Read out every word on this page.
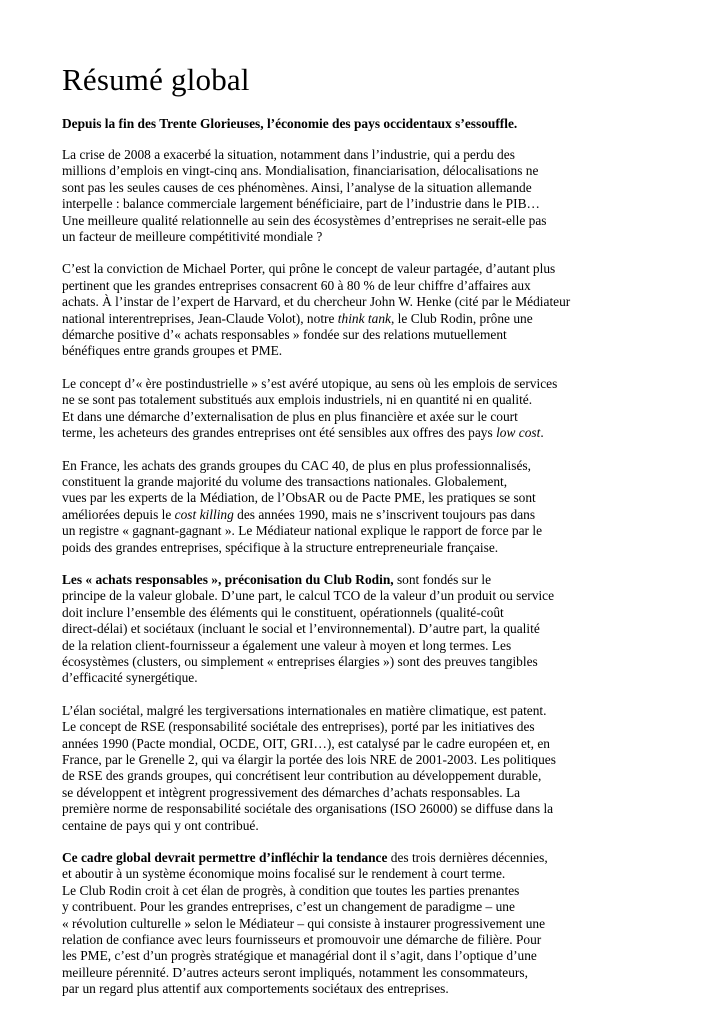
Résumé global

Depuis la fin des Trente Glorieuses, l’économie des pays occidentaux s’essouffle.

La crise de 2008 a exacerbé la situation, notamment dans l’industrie, qui a perdu des
millions d’emplois en vingt-cinq ans. Mondialisation, financiarisation, délocalisations ne
sont pas les seules causes de ces phénomènes. Ainsi, l’analyse de la situation allemande
interpelle : balance commerciale largement bénéficiaire, part de l’industrie dans le PIB…
Une meilleure qualité relationnelle au sein des écosystèmes d’entreprises ne serait-elle pas
un facteur de meilleure compétitivité mondiale ?

C’est la conviction de Michael Porter, qui prône le concept de valeur partagée, d’autant plus
pertinent que les grandes entreprises consacrent 60 à 80 % de leur chiffre d’affaires aux
achats. À l’instar de l’expert de Harvard, et du chercheur John W. Henke (cité par le Médiateur
national interentreprises, Jean-Claude Volot), notre think tank, le Club Rodin, prône une
démarche positive d’« achats responsables » fondée sur des relations mutuellement
bénéfiques entre grands groupes et PME.

Le concept d’« ère postindustrielle » s’est avéré utopique, au sens où les emplois de services
ne se sont pas totalement substitués aux emplois industriels, ni en quantité ni en qualité.
Et dans une démarche d’externalisation de plus en plus financière et axée sur le court
terme, les acheteurs des grandes entreprises ont été sensibles aux offres des pays low cost.

En France, les achats des grands groupes du CAC 40, de plus en plus professionnalisés,
constituent la grande majorité du volume des transactions nationales. Globalement,
vues par les experts de la Médiation, de l’ObsAR ou de Pacte PME, les pratiques se sont
améliorées depuis le cost killing des années 1990, mais ne s’inscrivent toujours pas dans
un registre « gagnant-gagnant ». Le Médiateur national explique le rapport de force par le
poids des grandes entreprises, spécifique à la structure entrepreneuriale française.

Les « achats responsables », préconisation du Club Rodin, sont fondés sur le
principe de la valeur globale. D’une part, le calcul TCO de la valeur d’un produit ou service
doit inclure l’ensemble des éléments qui le constituent, opérationnels (qualité-coût
direct-délai) et sociétaux (incluant le social et l’environnemental). D’autre part, la qualité
de la relation client-fournisseur a également une valeur à moyen et long termes. Les
écosystèmes (clusters, ou simplement « entreprises élargies ») sont des preuves tangibles
d’efficacité synergétique.

L’élan sociétal, malgré les tergiversations internationales en matière climatique, est patent.
Le concept de RSE (responsabilité sociétale des entreprises), porté par les initiatives des
années 1990 (Pacte mondial, OCDE, OIT, GRI…), est catalysé par le cadre européen et, en
France, par le Grenelle 2, qui va élargir la portée des lois NRE de 2001-2003. Les politiques
de RSE des grands groupes, qui concrétisent leur contribution au développement durable,
se développent et intègrent progressivement des démarches d’achats responsables. La
première norme de responsabilité sociétale des organisations (ISO 26000) se diffuse dans la
centaine de pays qui y ont contribué.

Ce cadre global devrait permettre d’infléchir la tendance des trois dernières décennies,
et aboutir à un système économique moins focalisé sur le rendement à court terme.
Le Club Rodin croit à cet élan de progrès, à condition que toutes les parties prenantes
y contribuent. Pour les grandes entreprises, c’est un changement de paradigme – une
« révolution culturelle » selon le Médiateur – qui consiste à instaurer progressivement une
relation de confiance avec leurs fournisseurs et promouvoir une démarche de filière. Pour
les PME, c’est d’un progrès stratégique et managérial dont il s’agit, dans l’optique d’une
meilleure pérennité. D’autres acteurs seront impliqués, notamment les consommateurs,
par un regard plus attentif aux comportements sociétaux des entreprises.
